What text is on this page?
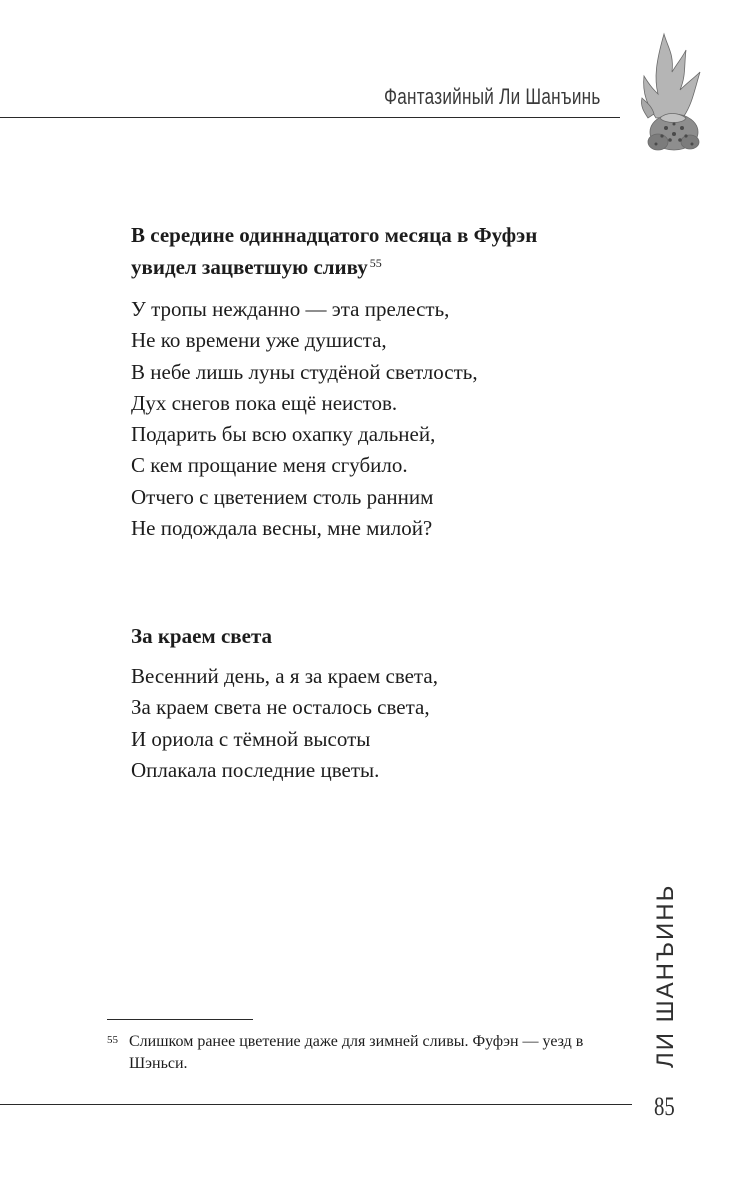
Фантазийный Ли Шанъинь
В середине одиннадцатого месяца в Фуфэн
увидел зацветшую сливу $^{55}$
У тропы нежданно — эта прелесть,
Не ко времени уже душиста,
В небе лишь луны студёной светлость,
Дух снегов пока ещё неистов.
Подарить бы всю охапку дальней,
С кем прощание меня сгубило.
Отчего с цветением столь ранним
Не подождала весны, мне милой?
За краем света
Весенний день, а я за краем света,
За краем света не осталось света,
И ориола с тёмной высоты
Оплакала последние цветы.
55 Слишком ранее цветение даже для зимней сливы. Фуфэн — уезд в Шэньси.	ЛИ ШАНЪИНЬ
85
